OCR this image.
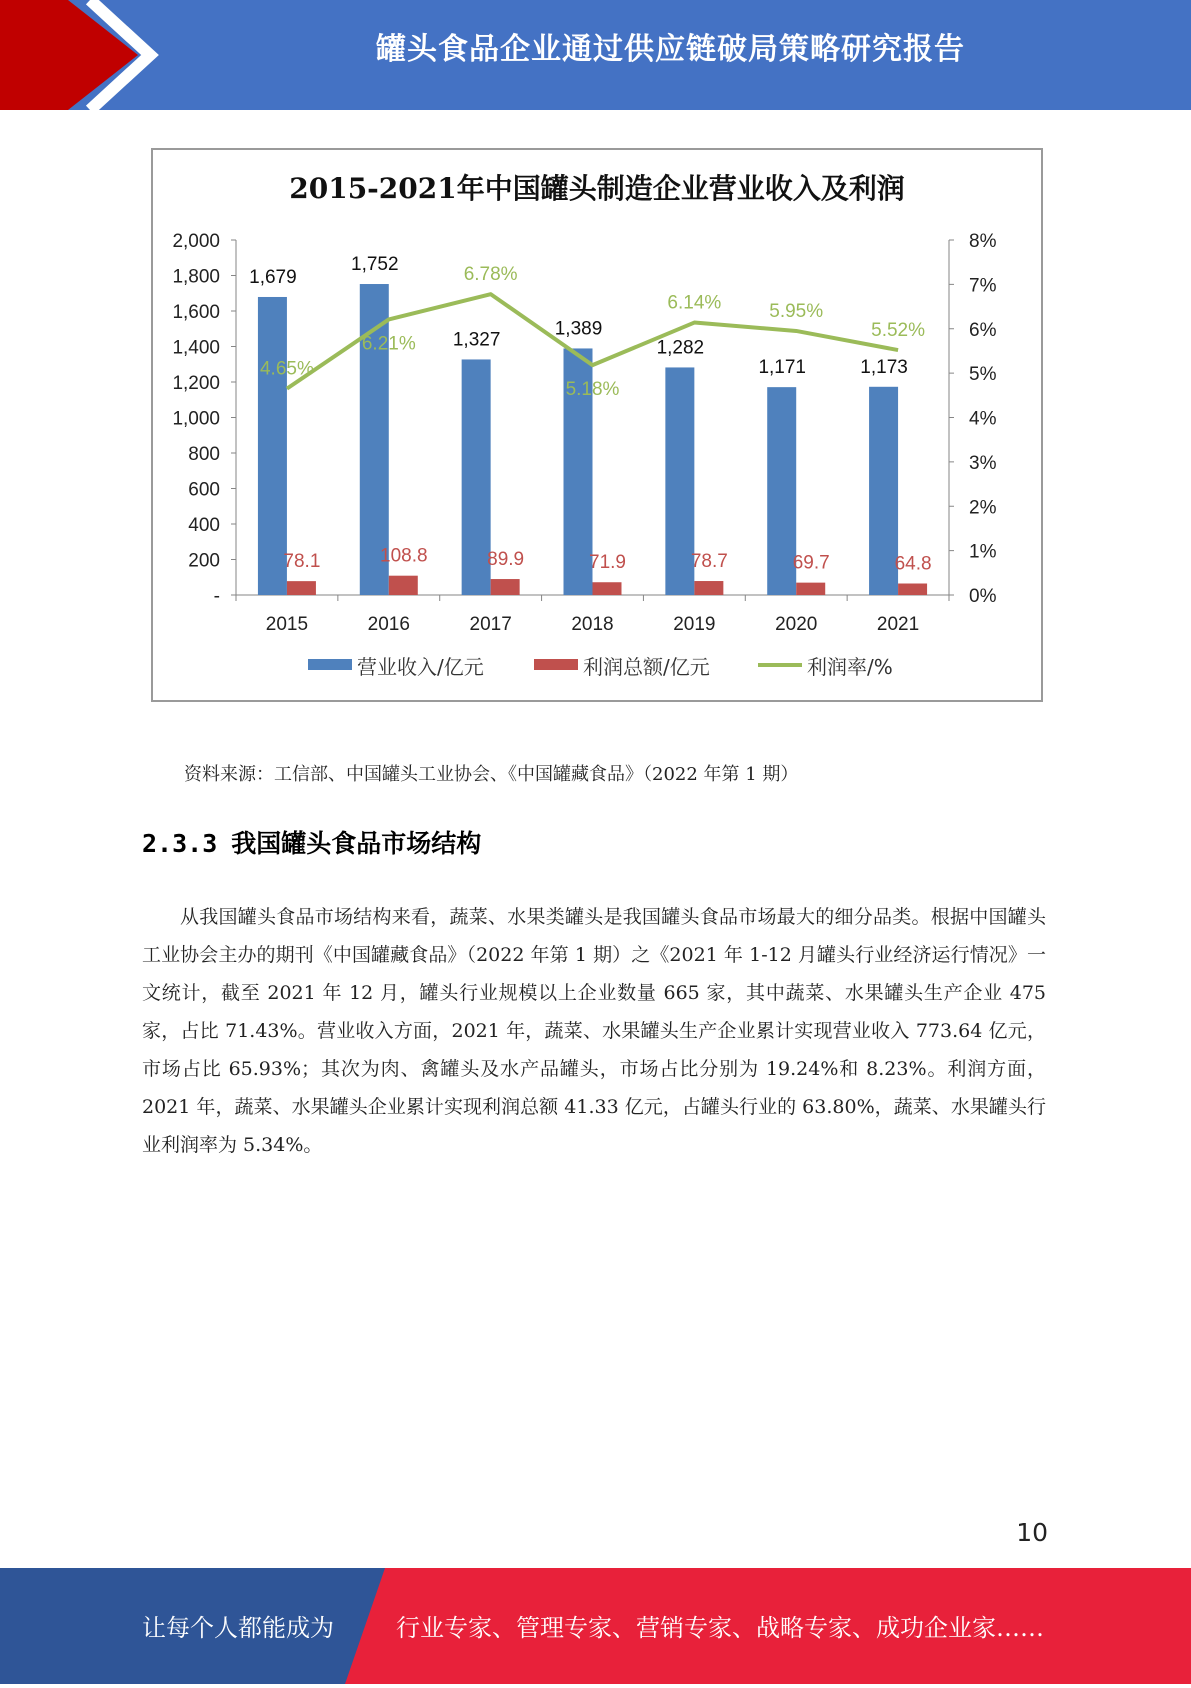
罐头食品企业通过供应链破局策略研究报告
2015-2021年中国罐头制造企业营业收入及利润
-
200
400
600
800
1,000
1,200
1,400
1,600
1,800
2,000
0%
1%
2%
3%
4%
5%
6%
7%
8%
2015	2016	2017	2018	2019	2020	2021
1,679
1,752
1,327
1,389
1,282
1,171	1,173
78.1	108.8	89.9	71.9	78.7	69.7	64.8
4.65%
6.21%
6.78%
5.18%
6.14%	5.95%
5.52%
营业收入/亿元	利润总额/亿元	利润率/%
资料来源：工信部、中国罐头工业协会、《中国罐藏食品》（2022 年第 1 期）
2.3.3 我国罐头食品市场结构

从我国罐头食品市场结构来看，蔬菜、水果类罐头是我国罐头食品市场最大的细分品类。根据中国罐头工业协会主办的期刊《中国罐藏食品》（2022 年第 1 期）之《2021 年 1-12 月罐头行业经济运行情况》一文统计，截至 2021 年 12 月，罐头行业规模以上企业数量 665 家，其中蔬菜、水果罐头生产企业 475 家，占比 71.43%。营业收入方面，2021 年，蔬菜、水果罐头生产企业累计实现营业收入 773.64 亿元，市场占比 65.93%；其次为肉、禽罐头及水产品罐头，市场占比分别为 19.24%和 8.23%。利润方面，2021 年，蔬菜、水果罐头企业累计实现利润总额 41.33 亿元，占罐头行业的 63.80%，蔬菜、水果罐头行业利润率为 5.34%。

10
让每个人都能成为	行业专家、管理专家、营销专家、战略专家、成功企业家……
